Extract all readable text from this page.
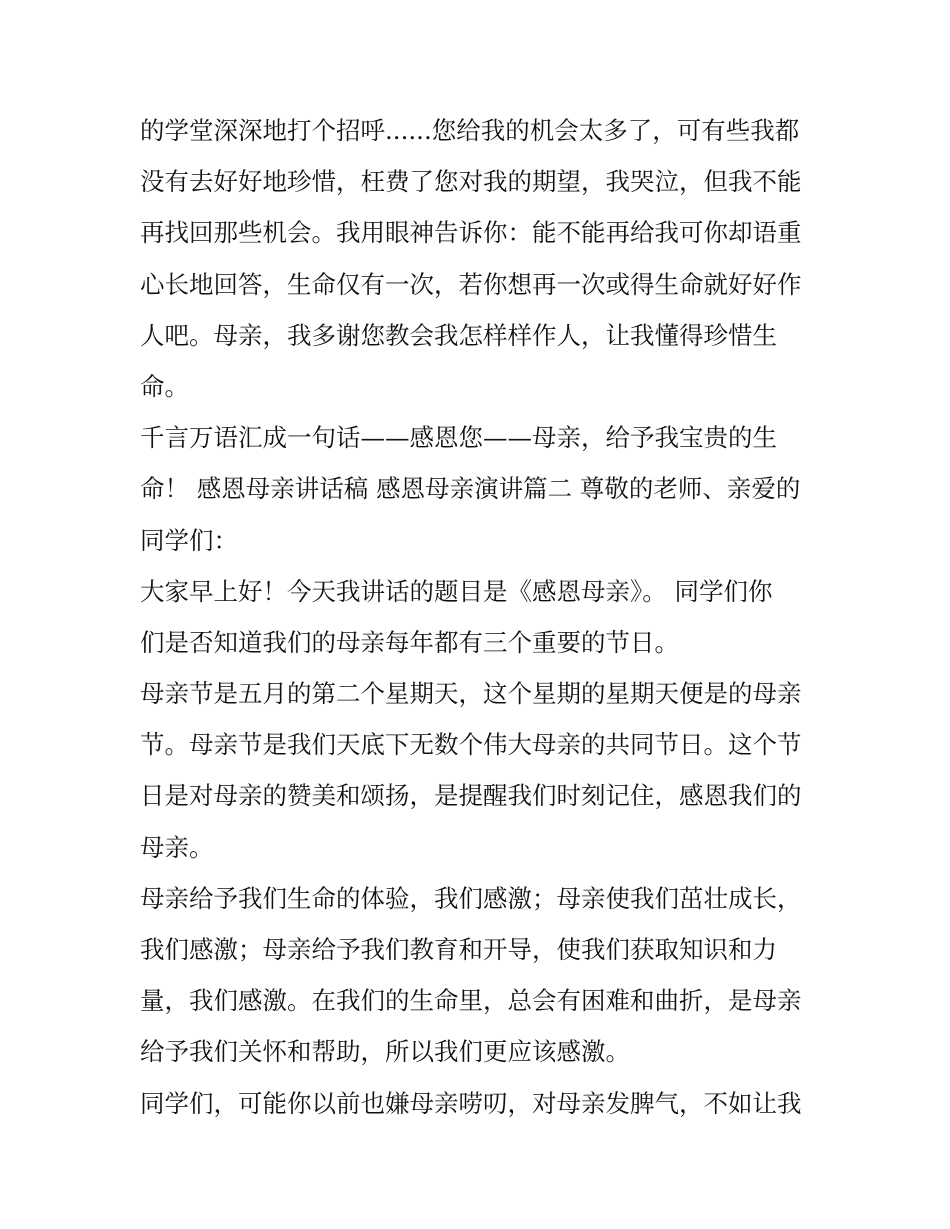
的学堂深深地打个招呼......您给我的机会太多了，可有些我都
没有去好好地珍惜，枉费了您对我的期望，我哭泣，但我不能
再找回那些机会。我用眼神告诉你：能不能再给我可你却语重
心长地回答，生命仅有一次，若你想再一次或得生命就好好作
人吧。母亲，我多谢您教会我怎样样作人，让我懂得珍惜生
命。
千言万语汇成一句话——感恩您——母亲，给予我宝贵的生
命！ 感恩母亲讲话稿 感恩母亲演讲篇二 尊敬的老师、亲爱的
同学们：
大家早上好！今天我讲话的题目是《感恩母亲》。 同学们你
们是否知道我们的母亲每年都有三个重要的节日。
母亲节是五月的第二个星期天，这个星期的星期天便是的母亲
节。母亲节是我们天底下无数个伟大母亲的共同节日。这个节
日是对母亲的赞美和颂扬，是提醒我们时刻记住，感恩我们的
母亲。
母亲给予我们生命的体验，我们感激；母亲使我们茁壮成长，
我们感激；母亲给予我们教育和开导，使我们获取知识和力
量，我们感激。在我们的生命里，总会有困难和曲折，是母亲
给予我们关怀和帮助，所以我们更应该感激。
同学们，可能你以前也嫌母亲唠叨，对母亲发脾气，不如让我
